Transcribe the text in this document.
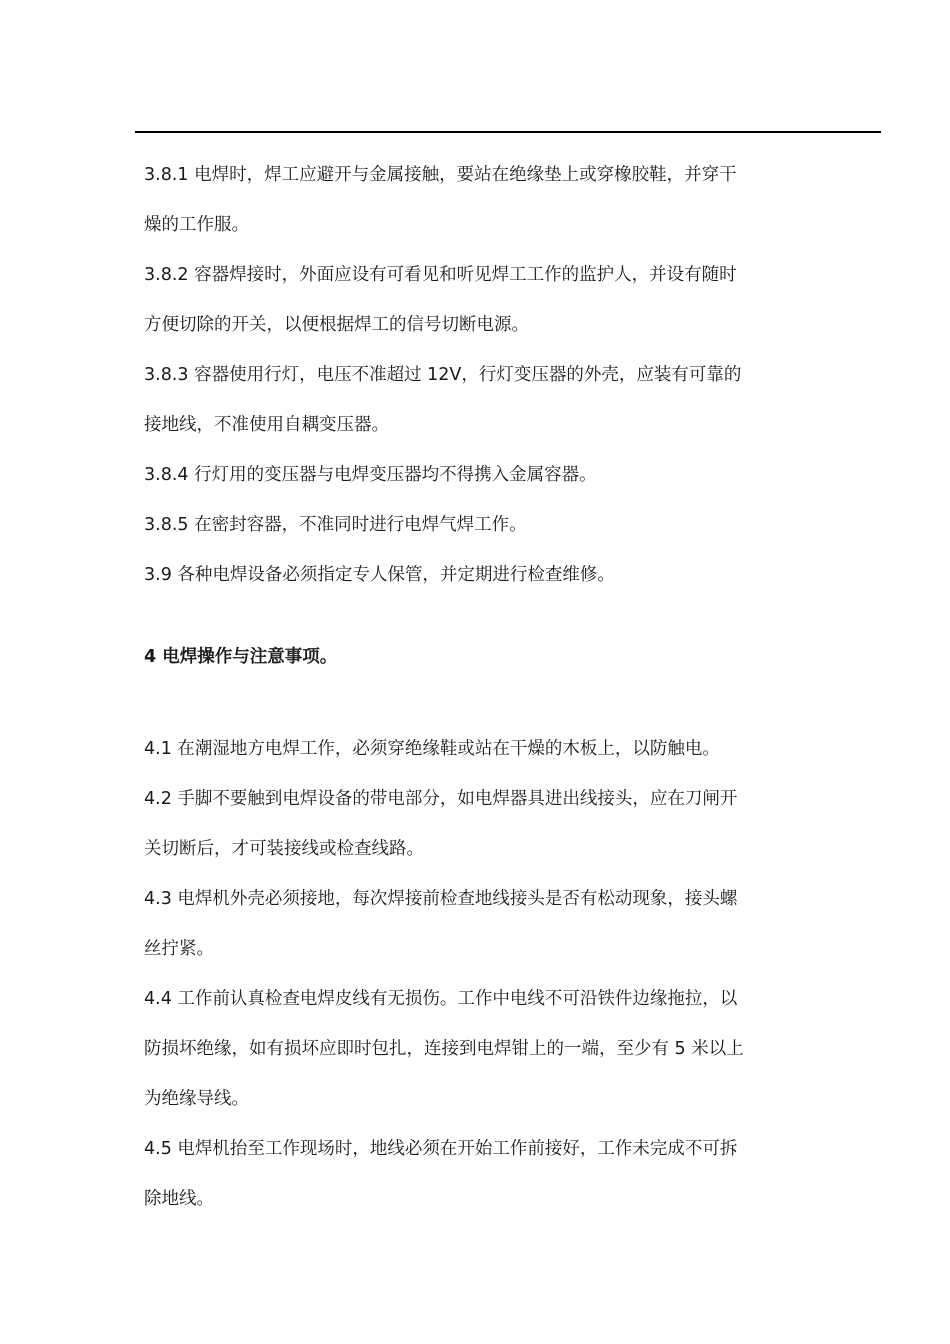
3.8.1 电焊时，焊工应避开与金属接触，要站在绝缘垫上或穿橡胶鞋，并穿干
燥的工作服。
3.8.2 容器焊接时，外面应设有可看见和听见焊工工作的监护人，并设有随时
方便切除的开关，以便根据焊工的信号切断电源。
3.8.3 容器使用行灯，电压不准超过 12V，行灯变压器的外壳，应装有可靠的
接地线，不准使用自耦变压器。
3.8.4 行灯用的变压器与电焊变压器均不得携入金属容器。
3.8.5 在密封容器，不准同时进行电焊气焊工作。
3.9 各种电焊设备必须指定专人保管，并定期进行检查维修。
4 电焊操作与注意事项。
4.1 在潮湿地方电焊工作，必须穿绝缘鞋或站在干燥的木板上，以防触电。
4.2 手脚不要触到电焊设备的带电部分，如电焊器具进出线接头，应在刀闸开
关切断后，才可装接线或检查线路。
4.3 电焊机外壳必须接地，每次焊接前检查地线接头是否有松动现象，接头螺
丝拧紧。
4.4 工作前认真检查电焊皮线有无损伤。工作中电线不可沿铁件边缘拖拉，以
防损坏绝缘，如有损坏应即时包扎，连接到电焊钳上的一端，至少有 5 米以上
为绝缘导线。
4.5 电焊机抬至工作现场时，地线必须在开始工作前接好，工作未完成不可拆
除地线。
